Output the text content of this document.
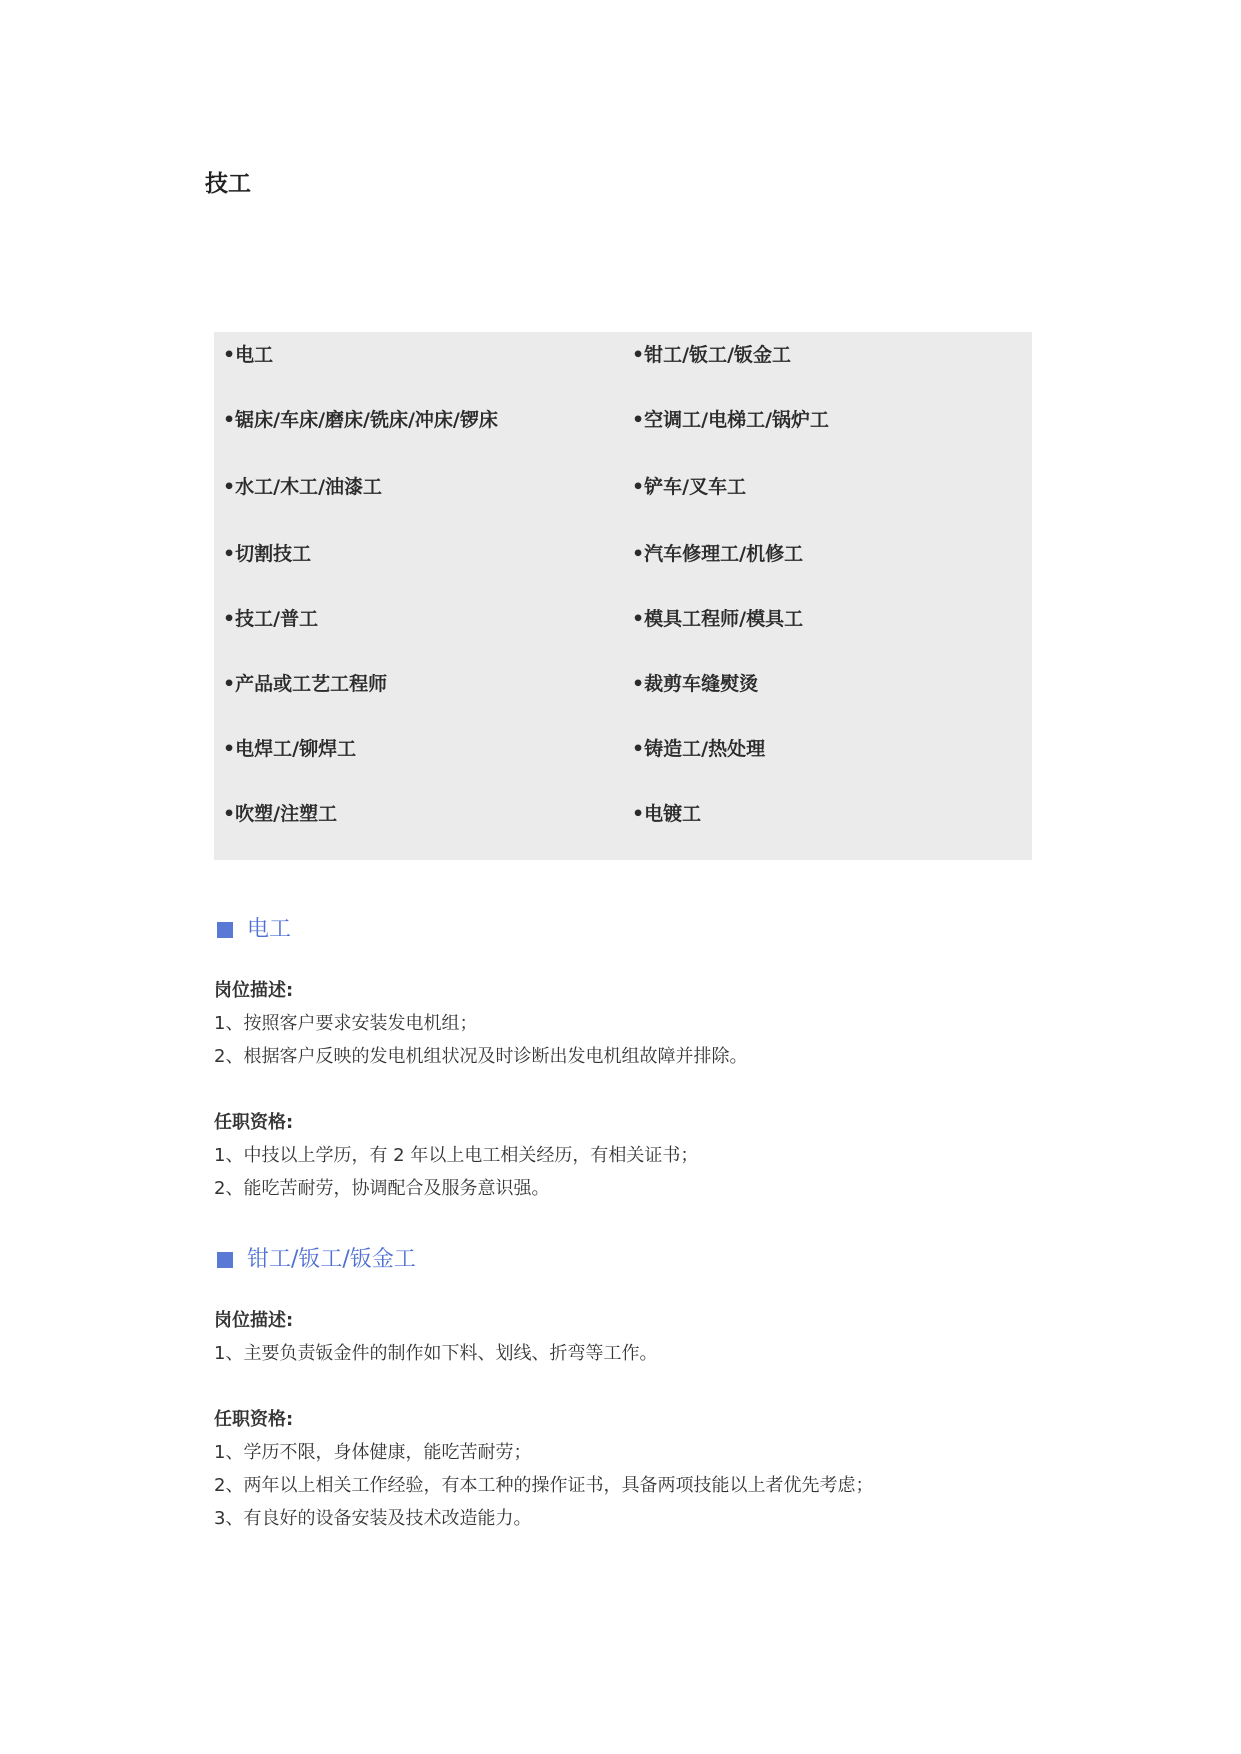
技工
•电工
•锯床/车床/磨床/铣床/冲床/锣床
•水工/木工/油漆工
•切割技工
•技工/普工
•产品或工艺工程师
•电焊工/铆焊工
•吹塑/注塑工
•钳工/钣工/钣金工
•空调工/电梯工/锅炉工
•铲车/叉车工
•汽车修理工/机修工
•模具工程师/模具工
•裁剪车缝熨烫
•铸造工/热处理
•电镀工
电工
岗位描述:
1、按照客户要求安装发电机组；
2、根据客户反映的发电机组状况及时诊断出发电机组故障并排除。
任职资格:
1、中技以上学历，有 2 年以上电工相关经历，有相关证书；
2、能吃苦耐劳，协调配合及服务意识强。
钳工/钣工/钣金工
岗位描述:
1、主要负责钣金件的制作如下料、划线、折弯等工作。
任职资格:
1、学历不限，身体健康，能吃苦耐劳；
2、两年以上相关工作经验，有本工种的操作证书，具备两项技能以上者优先考虑；
3、有良好的设备安装及技术改造能力。
